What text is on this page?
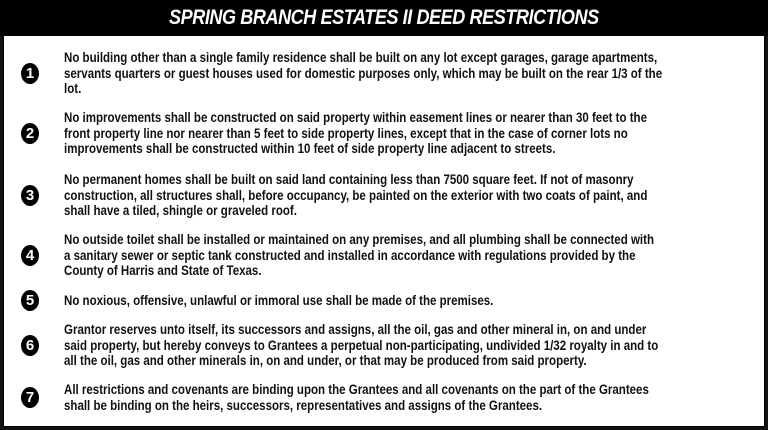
SPRING BRANCH ESTATES II DEED RESTRICTIONS
1
No building other than a single family residence shall be built on any lot except garages, garage apartments,
servants quarters or guest houses used for domestic purposes only, which may be built on the rear 1/3 of the
lot.
2
No improvements shall be constructed on said property within easement lines or nearer than 30 feet to the
front property line nor nearer than 5 feet to side property lines, except that in the case of corner lots no
improvements shall be constructed within 10 feet of side property line adjacent to streets.
3
No permanent homes shall be built on said land containing less than 7500 square feet. If not of masonry
construction, all structures shall, before occupancy, be painted on the exterior with two coats of paint, and
shall have a tiled, shingle or graveled roof.
4
No outside toilet shall be installed or maintained on any premises, and all plumbing shall be connected with
a sanitary sewer or septic tank constructed and installed in accordance with regulations provided by the
County of Harris and State of Texas.
5	No noxious, offensive, unlawful or immoral use shall be made of the premises.
6
Grantor reserves unto itself, its successors and assigns, all the oil, gas and other mineral in, on and under
said property, but hereby conveys to Grantees a perpetual non-participating, undivided 1/32 royalty in and to
all the oil, gas and other minerals in, on and under, or that may be produced from said property.
7	All restrictions and covenants are binding upon the Grantees and all covenants on the part of the Grantees
shall be binding on the heirs, successors, representatives and assigns of the Grantees.
